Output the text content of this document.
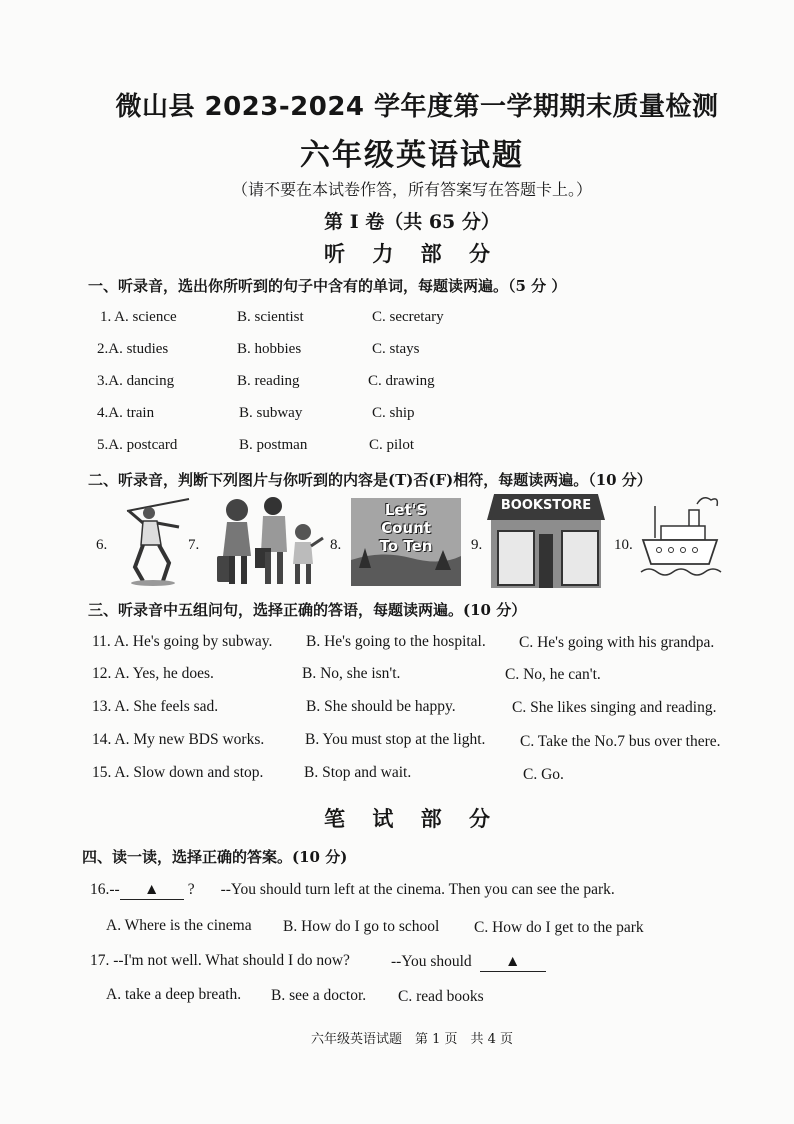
微山县 2023-2024 学年度第一学期期末质量检测
六年级英语试题
（请不要在本试卷作答，所有答案写在答题卡上。）
第 I 卷（共 65 分）
听 力 部 分
一、听录音，选出你所听到的句子中含有的单词，每题读两遍。（5 分 ）
1. A. science	B. scientist	C. secretary
2.A. studies	B. hobbies	C. stays
3.A. dancing	B. reading	C. drawing
4.A. train	B. subway	C. ship
5.A. postcard	B. postman	C. pilot
二、听录音，判断下列图片与你听到的内容是(T)否(F)相符，每题读两遍。（10 分）
6.	7.	8.
Let'S
Count
To Ten	9.
BOOKSTORE
10.
三、听录音中五组问句，选择正确的答语，每题读两遍。(10 分）
11. A. He's going by subway. B. He's going to the hospital. C. He's going with his grandpa.
12. A. Yes, he does.	B. No, she isn't.	C. No, he can't.
13. A. She feels sad.	B. She should be happy.	C. She likes singing and reading.
14. A. My new BDS works.	B. You must stop at the light. C. Take the No.7 bus over there.
15. A. Slow down and stop.	B. Stop and wait.	C. Go.
笔 试 部 分
四、读一读，选择正确的答案。(10 分)
16.-- ▲ ? --You should turn left at the cinema. Then you can see the park.
A. Where is the cinema B. How do I go to school C. How do I get to the park
17. --I'm not well. What should I do now?	--You should ▲
A. take a deep breath. B. see a doctor. C. read books
六年级英语试题　第 1 页　共 4 页
